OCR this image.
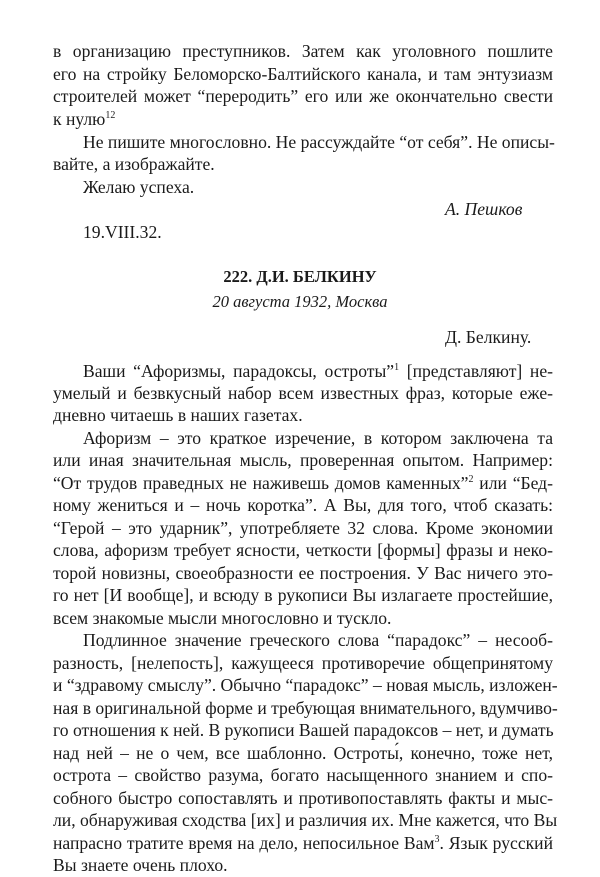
в организацию преступников. Затем как уголовного пошлите
его на стройку Беломорско-Балтийского канала, и там энтузиазм
строителей может “переродить” его или же окончательно свести
к нулю$^{12}$
Не пишите многословно. Не рассуждайте “от себя”. Не описы-
вайте, а изображайте.
Желаю успеха.
А. Пешков
19.VIII.32.
222. Д.И. БЕЛКИНУ
20 августа 1932, Москва
Д. Белкину.
Ваши “Афоризмы, парадоксы, остроты”$^1$ [представляют] не-
умелый и безвкусный набор всем известных фраз, которые еже-
дневно читаешь в наших газетах.
Афоризм – это краткое изречение, в котором заключена та
или иная значительная мысль, проверенная опытом. Например:
“От трудов праведных не наживешь домов каменных”$^2$ или “Бед-
ному жениться и – ночь коротка”. А Вы, для того, чтоб сказать:
“Герой – это ударник”, употребляете 32 слова. Кроме экономии
слова, афоризм требует ясности, четкости [формы] фразы и неко-
торой новизны, своеобразности ее построения. У Вас ничего это-
го нет [И вообще], и всюду в рукописи Вы излагаете простейшие,
всем знакомые мысли многословно и тускло.
Подлинное значение греческого слова “парадокс” – несооб-
разность, [нелепость], кажущееся противоречие общепринятому
и “здравому смыслу”. Обычно “парадокс” – новая мысль, изложен-
ная в оригинальной форме и требующая внимательного, вдумчиво-
го отношения к ней. В рукописи Вашей парадоксов – нет, и думать
над ней – не о чем, все шаблонно. Остроты́, конечно, тоже нет,
острота – свойство разума, богато насыщенного знанием и спо-
собного быстро сопоставлять и противопоставлять факты и мыс-
ли, обнаруживая сходства [их] и различия их. Мне кажется, что Вы
напрасно тратите время на дело, непосильное Вам$^3$. Язык русский
Вы знаете очень плохо.
